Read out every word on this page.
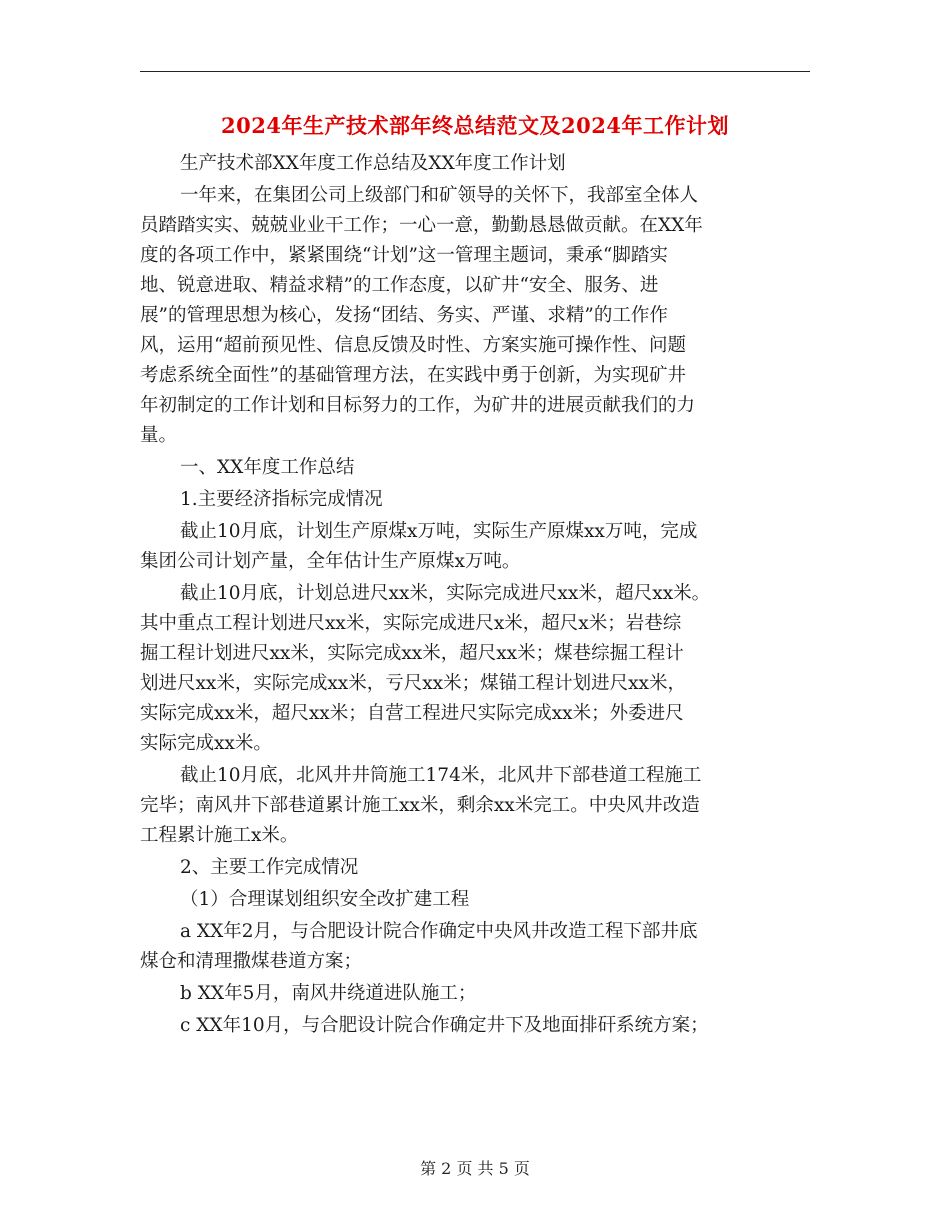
2024年生产技术部年终总结范文及2024年工作计划
生产技术部XX年度工作总结及XX年度工作计划
一年来，在集团公司上级部门和矿领导的关怀下，我部室全体人
员踏踏实实、兢兢业业干工作；一心一意，勤勤恳恳做贡献。在XX年
度的各项工作中，紧紧围绕“计划”这一管理主题词，秉承“脚踏实
地、锐意进取、精益求精”的工作态度，以矿井“安全、服务、进
展”的管理思想为核心，发扬“团结、务实、严谨、求精”的工作作
风，运用“超前预见性、信息反馈及时性、方案实施可操作性、问题
考虑系统全面性”的基础管理方法，在实践中勇于创新，为实现矿井
年初制定的工作计划和目标努力的工作，为矿井的进展贡献我们的力
量。
一、XX年度工作总结
1.主要经济指标完成情况
截止10月底，计划生产原煤x万吨，实际生产原煤xx万吨，完成
集团公司计划产量，全年估计生产原煤x万吨。
截止10月底，计划总进尺xx米，实际完成进尺xx米，超尺xx米。
其中重点工程计划进尺xx米，实际完成进尺x米，超尺x米；岩巷综
掘工程计划进尺xx米，实际完成xx米，超尺xx米；煤巷综掘工程计
划进尺xx米，实际完成xx米，亏尺xx米；煤锚工程计划进尺xx米，
实际完成xx米，超尺xx米；自营工程进尺实际完成xx米；外委进尺
实际完成xx米。
截止10月底，北风井井筒施工174米，北风井下部巷道工程施工
完毕；南风井下部巷道累计施工xx米，剩余xx米完工。中央风井改造
工程累计施工x米。
2、主要工作完成情况
（1）合理谋划组织安全改扩建工程
a XX年2月，与合肥设计院合作确定中央风井改造工程下部井底
煤仓和清理撒煤巷道方案；
b XX年5月，南风井绕道进队施工；
c XX年10月，与合肥设计院合作确定井下及地面排矸系统方案；
第 2 页 共 5 页
